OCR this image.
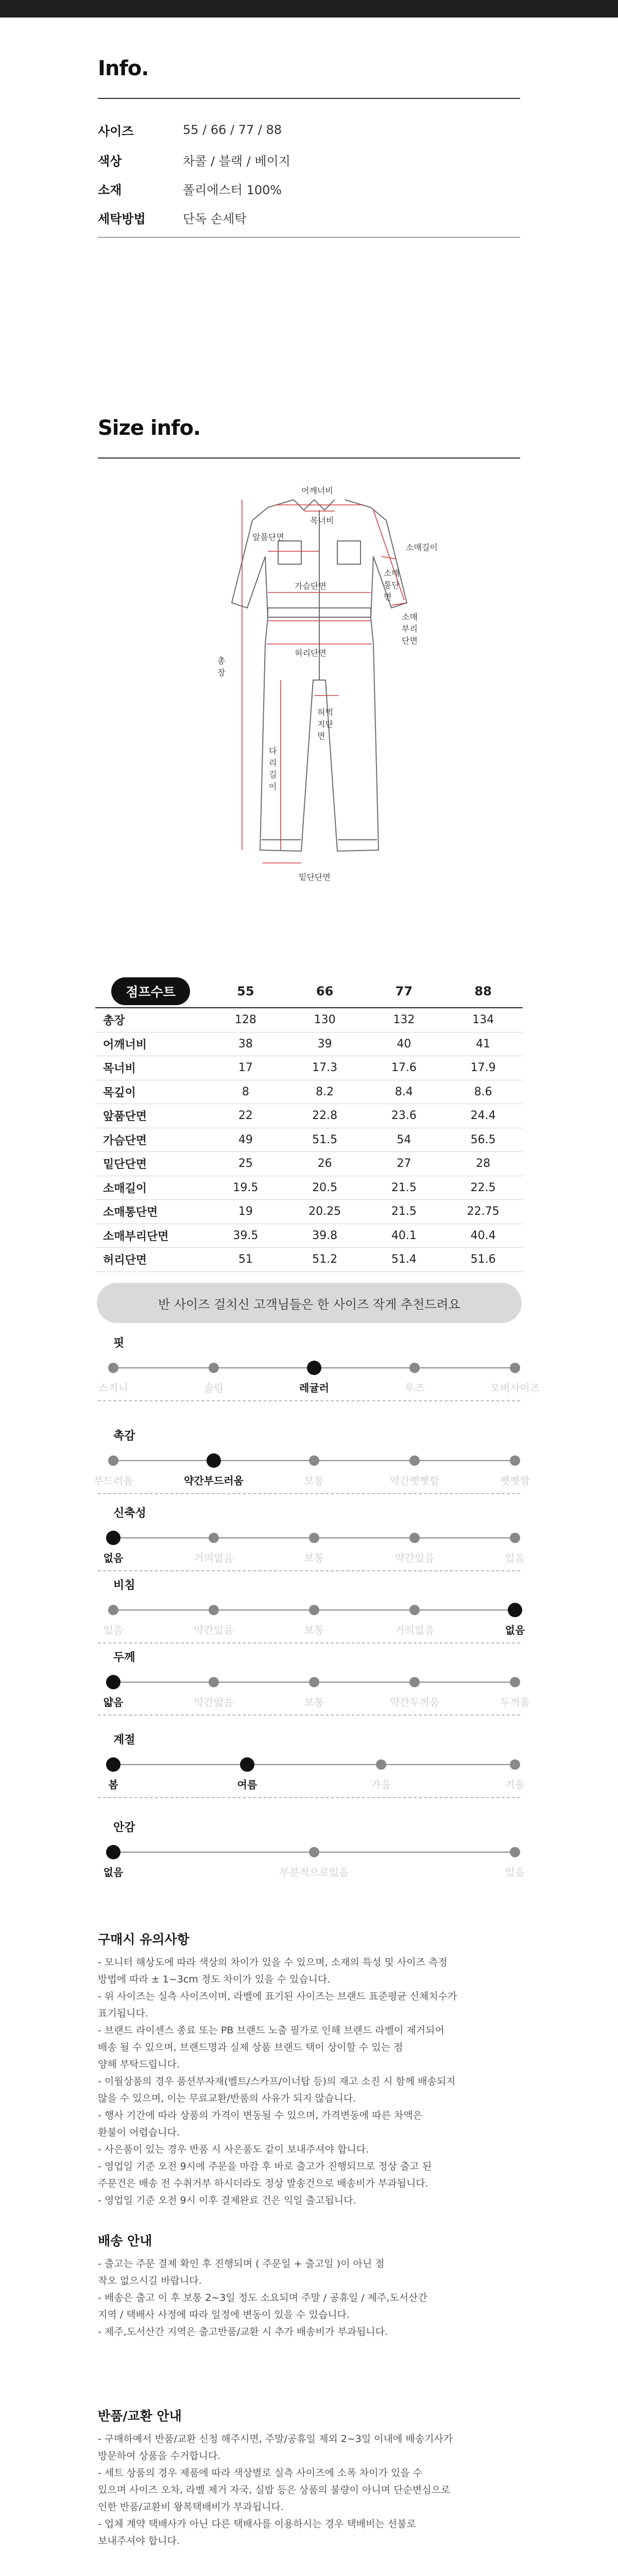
Info.
사이즈	55 / 66 / 77 / 88
색상	차콜 / 블랙 / 베이지
소재	폴리에스터 100%
세탁방법	단독 손세탁
Size info.
어깨너비
목너비
앞품단면
가슴단면
허리단면
소매길이
소매통단면
소매부리단면
총장
다리길이
허벅지단면
밑단단면
점프수트	55	66	77	88
총장	128	130	132	134
어깨너비	38	39	40	41
목너비	17	17.3	17.6	17.9
목깊이	8	8.2	8.4	8.6
앞품단면	22	22.8	23.6	24.4
가슴단면	49	51.5	54	56.5
밑단단면	25	26	27	28
소매길이	19.5	20.5	21.5	22.5
소매통단면	19	20.25	21.5	22.75
소매부리단면	39.5	39.8	40.1	40.4
허리단면	51	51.2	51.4	51.6
반 사이즈 걸치신 고객님들은 한 사이즈 작게 추천드려요
핏
스키니	슬림	레귤러	루즈	오버사이즈
촉감
부드러움	약간부드러움	보통	약간뻣뻣함	뻣뻣함
신축성
없음	거의없음	보통	약간있음	있음
비침
있음	약간있음	보통	거의없음	없음
두께
얇음	약간얇음	보통	약간두꺼움	두꺼움
계절
봄	여름	가을	겨울
안감
없음	부분적으로있음	있음
구매시 유의사항

- 모니터 해상도에 따라 색상의 차이가 있을 수 있으며, 소재의 특성 및 사이즈 측정

방법에 따라 ± 1~3cm 정도 차이가 있을 수 있습니다.

- 위 사이즈는 실측 사이즈이며, 라벨에 표기된 사이즈는 브랜드 표준평균 신체치수가

표기됩니다.

- 브랜드 라이센스 종료 또는 PB 브랜드 노출 필가로 인해 브랜드 라벨이 제거되어

배송 될 수 있으며, 브랜드명과 실제 상품 브랜드 택이 상이할 수 있는 점

양해 부탁드립니다.

- 이월상품의 경우 품션부자재(벨트/스카프/이너탑 등)의 재고 소진 시 함께 배송되지

않을 수 있으며, 이는 무료교환/반품의 사유가 되지 않습니다.

- 행사 기간에 따라 상품의 가격이 변동될 수 있으며, 가격변동에 따른 차액은

환불이 어렵습니다.

- 사은품이 있는 경우 반품 시 사은품도 같이 보내주셔야 합니다.

- 영업일 기준 오전 9시에 주문을 마감 후 바로 출고가 진행되므로 정상 출고 된

주문건은 배송 전 수취거부 하시더라도 정상 발송건으로 배송비가 부과됩니다.

- 영업일 기준 오전 9시 이후 결제완료 건은 익일 출고됩니다.

배송 안내

- 출고는 주문 결제 확인 후 진행되며 ( 주문일 + 출고일 )이 아닌 점

착오 없으시길 바랍니다.

- 배송은 출고 이 후 보통 2~3일 정도 소요되며 주말 / 공휴일 / 제주,도서산간

지역 / 택배사 사정에 따라 일정에 변동이 있을 수 있습니다.

- 제주,도서산간 지역은 출고반품/교환 시 추가 배송비가 부과됩니다.

반품/교환 안내

- 구매하예서 반품/교환 신청 해주시면, 주말/공휴일 제외 2~3일 이내에 배송기사가

방문하여 상품을 수거합니다.

- 세트 상품의 경우 제품에 따라 색상별로 실측 사이즈에 소폭 차이가 있을 수

있으며 사이즈 오차, 라벨 제거 자국, 실밥 등은 상품의 불량이 아니며 단순변심으로

인한 반품/교환비 왕복택배비가 부과됩니다.

- 업체 계약 택배사가 아닌 다른 택배사를 이용하시는 경우 택배비는 선불로

보내주셔야 합니다.
